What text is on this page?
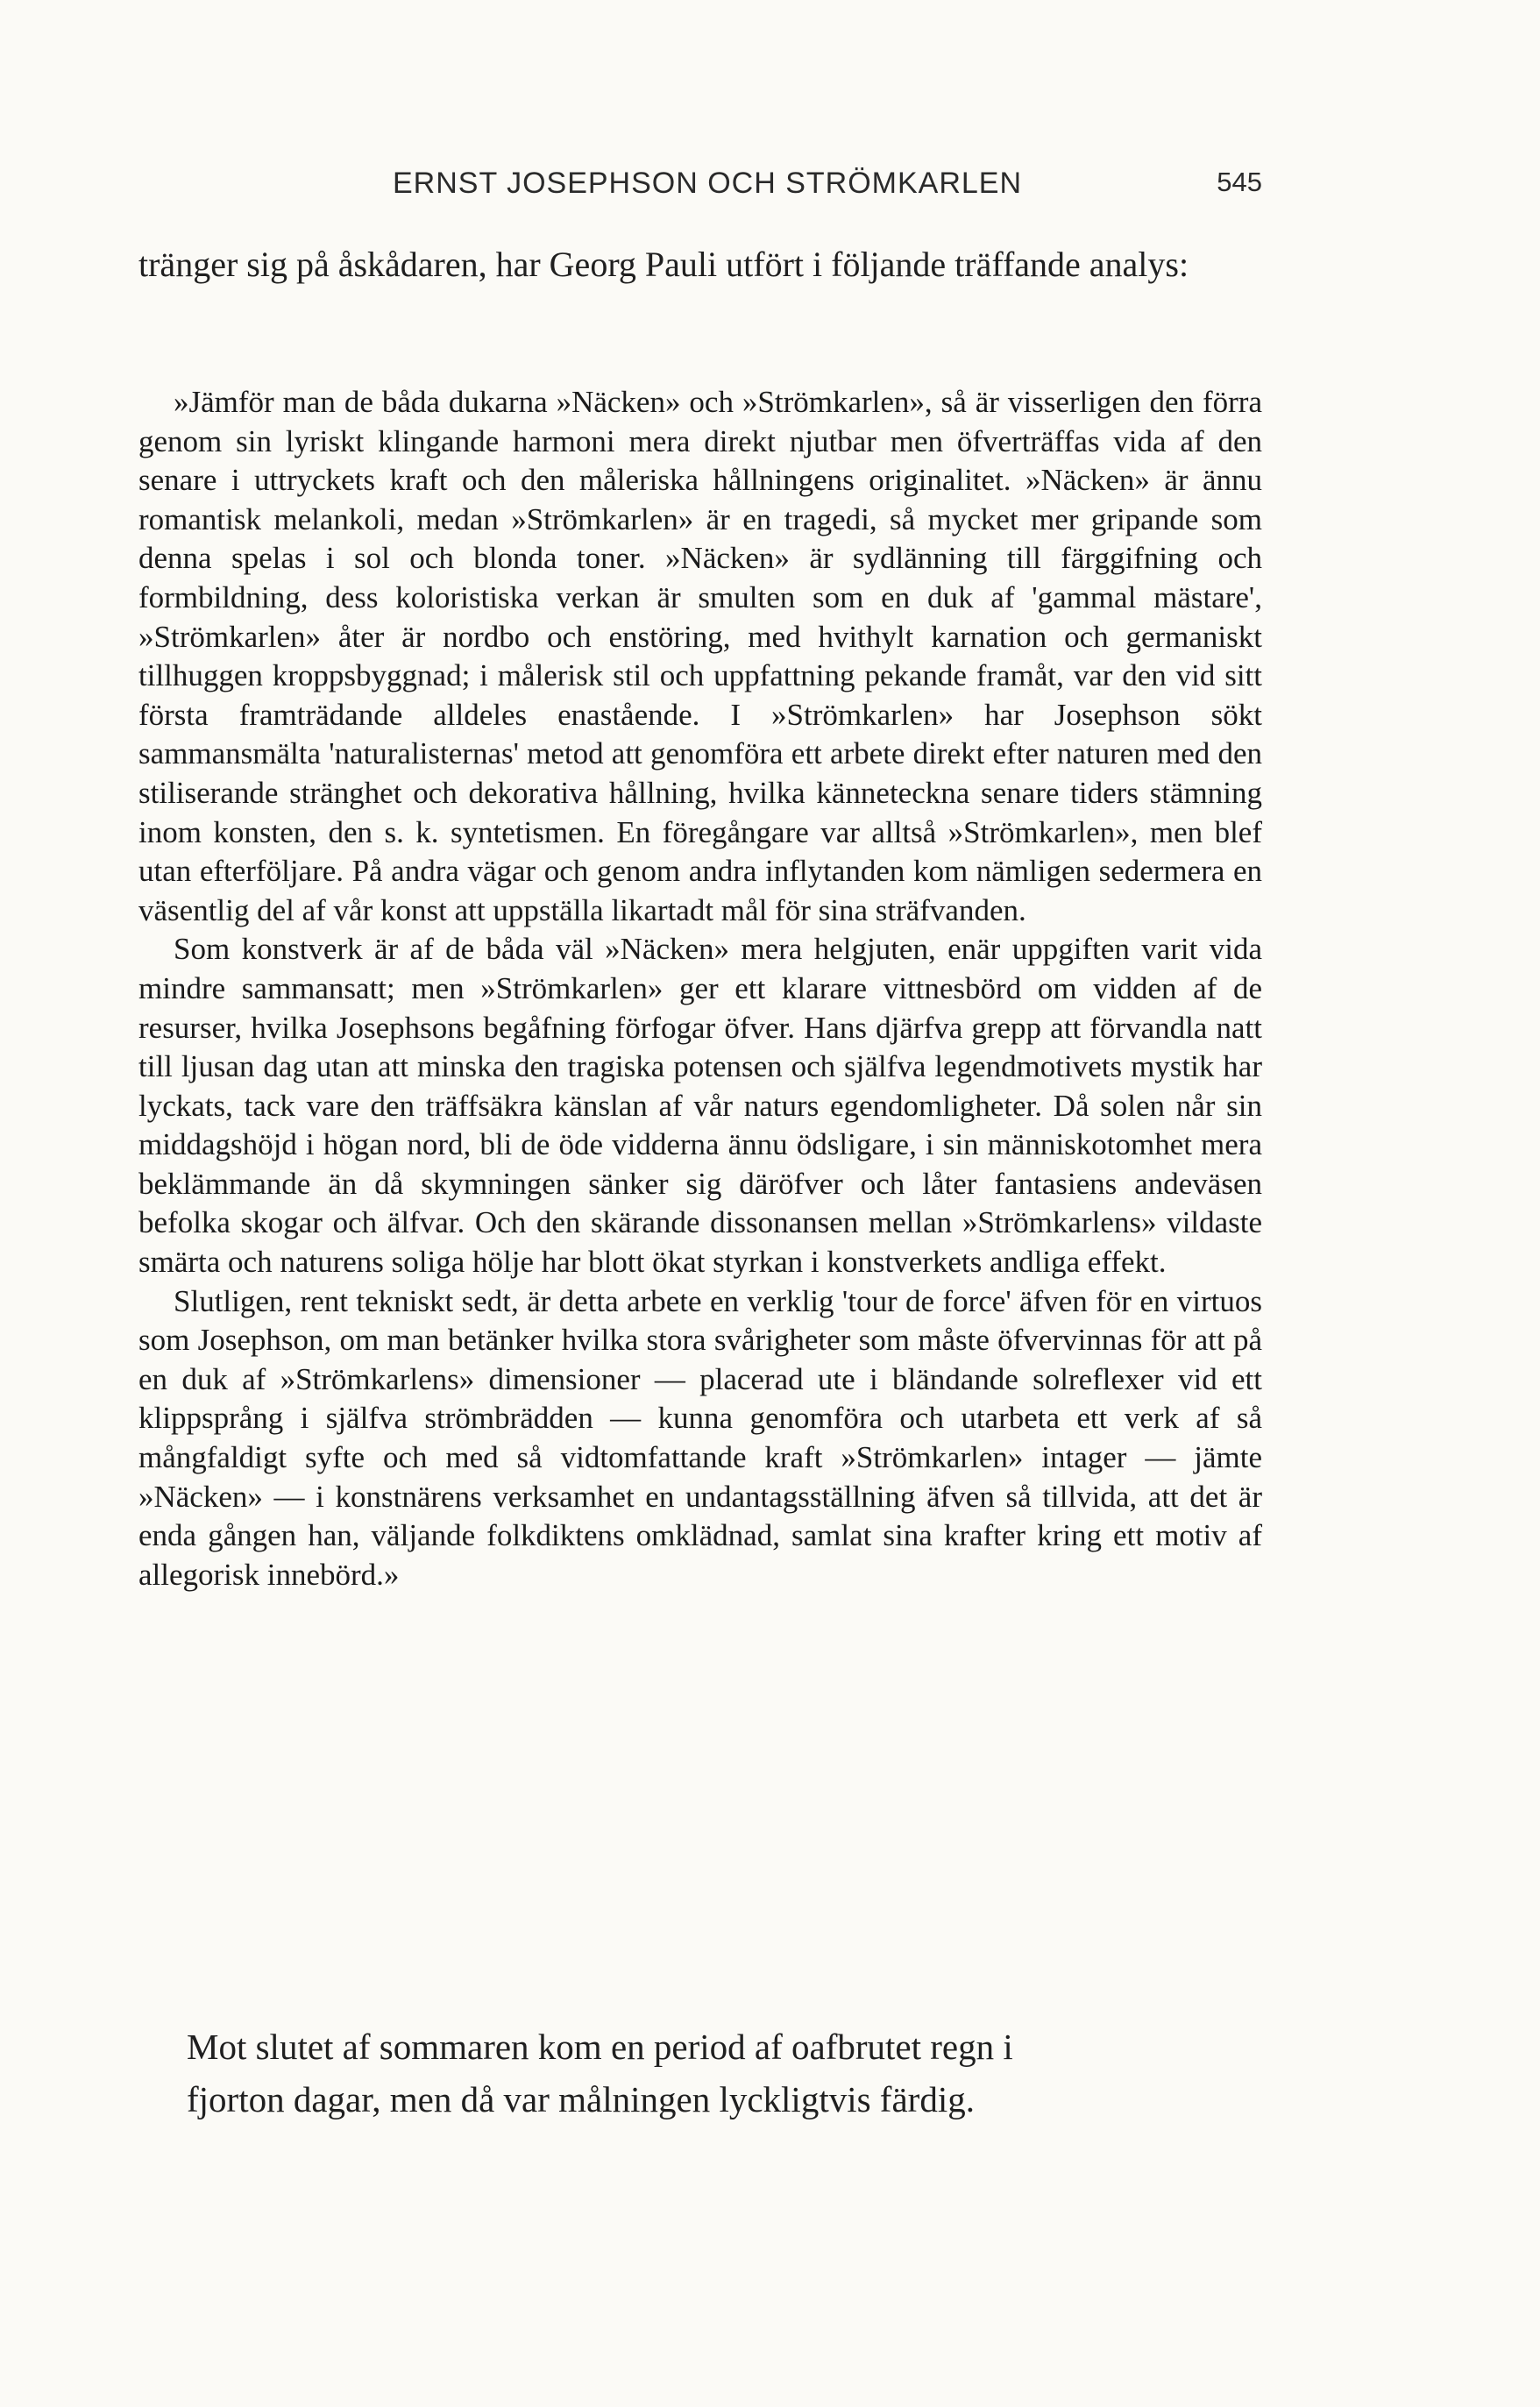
ERNST JOSEPHSON OCH STRÖMKARLEN	545

tränger sig på åskådaren, har Georg Pauli utfört i följande träffande analys:

»Jämför man de båda dukarna »Näcken» och »Strömkarlen», så är visserligen den förra genom sin lyriskt klingande harmoni mera direkt njutbar men öfverträffas vida af den senare i uttryckets kraft och den måleriska hållningens originalitet. »Näcken» är ännu romantisk melankoli, medan »Strömkarlen» är en tragedi, så mycket mer gripande som denna spelas i sol och blonda toner. »Näcken» är sydlänning till färggifning och formbildning, dess koloristiska verkan är smulten som en duk af 'gammal mästare', »Strömkarlen» åter är nordbo och enstöring, med hvithylt karnation och germaniskt tillhuggen kroppsbyggnad; i målerisk stil och uppfattning pekande framåt, var den vid sitt första framträdande alldeles enastående. I »Strömkarlen» har Josephson sökt sammansmälta 'naturalisternas' metod att genomföra ett arbete direkt efter naturen med den stiliserande stränghet och dekorativa hållning, hvilka känneteckna senare tiders stämning inom konsten, den s. k. syntetismen. En föregångare var alltså »Strömkarlen», men blef utan efterföljare. På andra vägar och genom andra inflytanden kom nämligen sedermera en väsentlig del af vår konst att uppställa likartadt mål för sina sträfvanden.

Som konstverk är af de båda väl »Näcken» mera helgjuten, enär uppgiften varit vida mindre sammansatt; men »Strömkarlen» ger ett klarare vittnesbörd om vidden af de resurser, hvilka Josephsons begåfning förfogar öfver. Hans djärfva grepp att förvandla natt till ljusan dag utan att minska den tragiska potensen och själfva legendmotivets mystik har lyckats, tack vare den träffsäkra känslan af vår naturs egendomligheter. Då solen når sin middagshöjd i högan nord, bli de öde vidderna ännu ödsligare, i sin människotomhet mera beklämmande än då skymningen sänker sig däröfver och låter fantasiens andeväsen befolka skogar och älfvar. Och den skärande dissonansen mellan »Strömkarlens» vildaste smärta och naturens soliga hölje har blott ökat styrkan i konstverkets andliga effekt.

Slutligen, rent tekniskt sedt, är detta arbete en verklig 'tour de force' äfven för en virtuos som Josephson, om man betänker hvilka stora svårigheter som måste öfvervinnas för att på en duk af »Strömkarlens» dimensioner — placerad ute i bländande solreflexer vid ett klippsprång i själfva strömbrädden — kunna genomföra och utarbeta ett verk af så mångfaldigt syfte och med så vidtomfattande kraft »Strömkarlen» intager — jämte »Näcken» — i konstnärens verksamhet en undantagsställning äfven så tillvida, att det är enda gången han, väljande folkdiktens omklädnad, samlat sina krafter kring ett motiv af allegorisk innebörd.»

Mot slutet af sommaren kom en period af oafbrutet regn i
fjorton dagar, men då var målningen lyckligtvis färdig.
